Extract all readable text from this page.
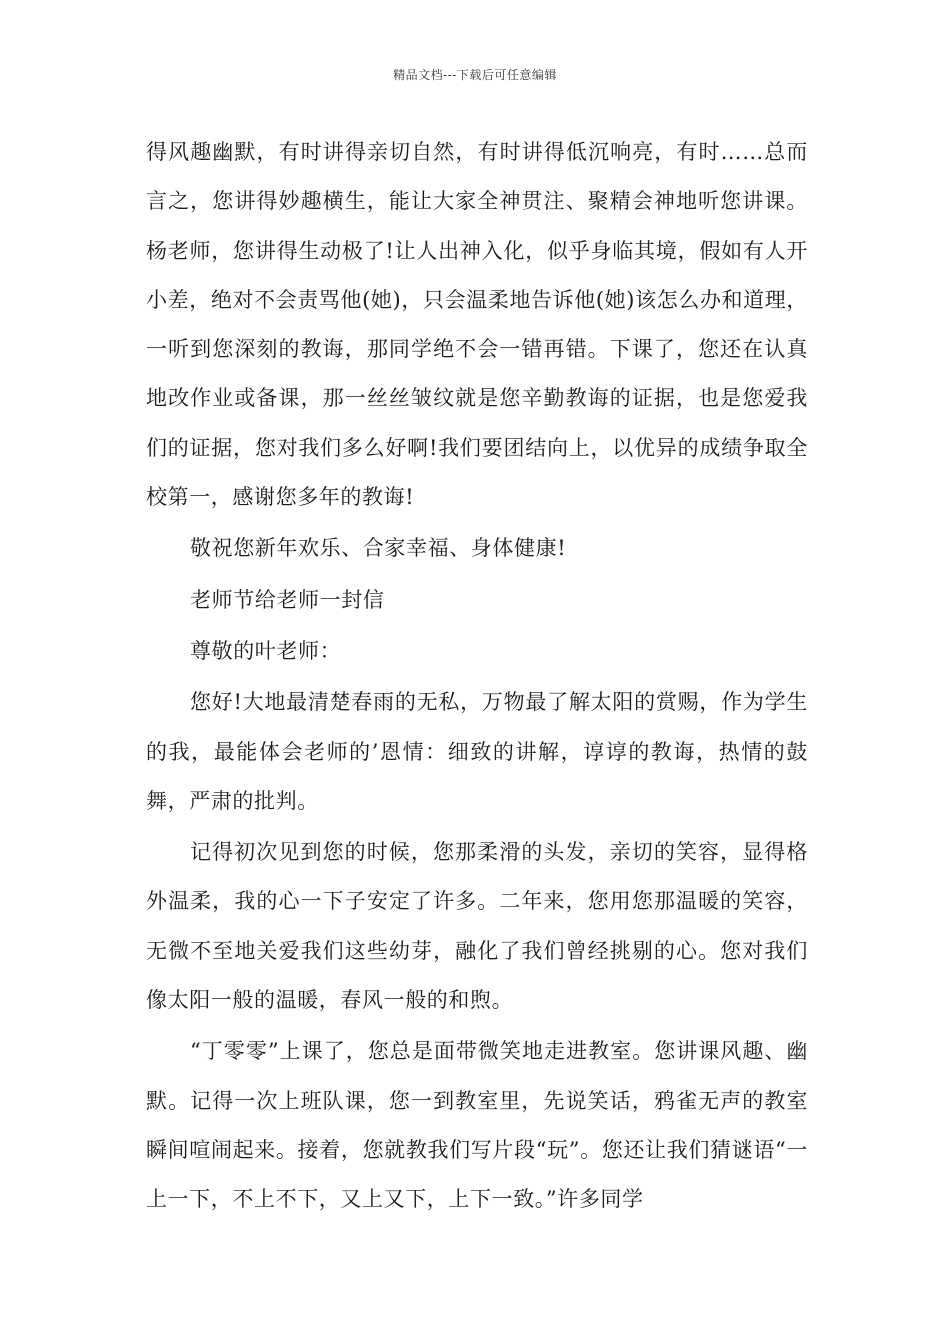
精品文档---下载后可任意编辑

得风趣幽默，有时讲得亲切自然，有时讲得低沉响亮，有时……总而言之，您讲得妙趣横生，能让大家全神贯注、聚精会神地听您讲课。杨老师，您讲得生动极了!让人出神入化，似乎身临其境，假如有人开小差，绝对不会责骂他(她)，只会温柔地告诉他(她)该怎么办和道理，一听到您深刻的教诲，那同学绝不会一错再错。下课了，您还在认真地改作业或备课，那一丝丝皱纹就是您辛勤教诲的证据，也是您爱我们的证据，您对我们多么好啊!我们要团结向上，以优异的成绩争取全校第一，感谢您多年的教诲!

敬祝您新年欢乐、合家幸福、身体健康!

老师节给老师一封信

尊敬的叶老师：

您好!大地最清楚春雨的无私，万物最了解太阳的赏赐，作为学生的我，最能体会老师的’恩情：细致的讲解，谆谆的教诲，热情的鼓舞，严肃的批判。

记得初次见到您的时候，您那柔滑的头发，亲切的笑容，显得格外温柔，我的心一下子安定了许多。二年来，您用您那温暖的笑容，无微不至地关爱我们这些幼芽，融化了我们曾经挑剔的心。您对我们像太阳一般的温暖，春风一般的和煦。

“丁零零”上课了，您总是面带微笑地走进教室。您讲课风趣、幽默。记得一次上班队课，您一到教室里，先说笑话，鸦雀无声的教室瞬间喧闹起来。接着，您就教我们写片段“玩”。您还让我们猜谜语“一上一下，不上不下，又上又下，上下一致。”许多同学
